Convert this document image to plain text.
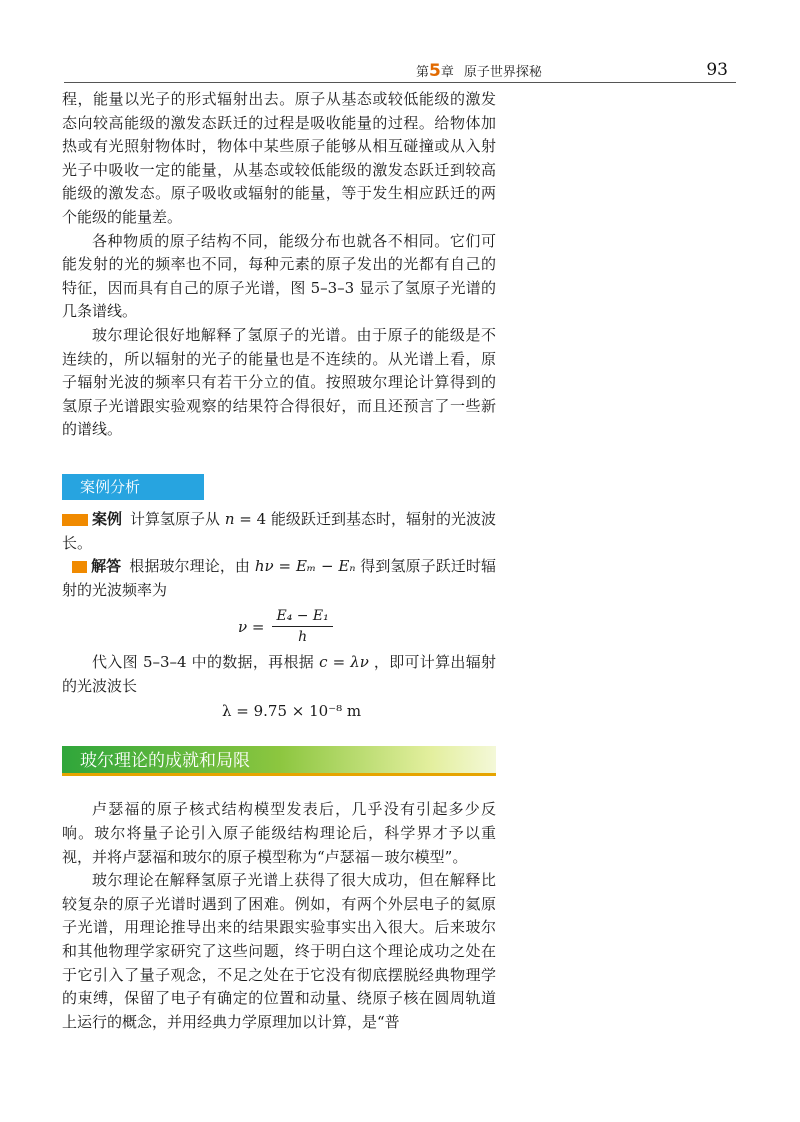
第5章 原子世界探秘	93

程，能量以光子的形式辐射出去。原子从基态或较低能级的激发态向较高能级的激发态跃迁的过程是吸收能量的过程。给物体加热或有光照射物体时，物体中某些原子能够从相互碰撞或从入射光子中吸收一定的能量，从基态或较低能级的激发态跃迁到较高能级的激发态。原子吸收或辐射的能量，等于发生相应跃迁的两个能级的能量差。

各种物质的原子结构不同，能级分布也就各不相同。它们可能发射的光的频率也不同，每种元素的原子发出的光都有自己的特征，因而具有自己的原子光谱，图 5–3–3 显示了氢原子光谱的几条谱线。

玻尔理论很好地解释了氢原子的光谱。由于原子的能级是不连续的，所以辐射的光子的能量也是不连续的。从光谱上看，原子辐射光波的频率只有若干分立的值。按照玻尔理论计算得到的氢原子光谱跟实验观察的结果符合得很好，而且还预言了一些新的谱线。

案例分析

案例 计算氢原子从 n = 4 能级跃迁到基态时，辐射的光波波长。

解答 根据玻尔理论，由 hν = Eₘ − Eₙ 得到氢原子跃迁时辐射的光波频率为

$\nu = \frac{\text{E₄ − E₁}}{h}$

代入图 5–3–4 中的数据，再根据 c = λν ，即可计算出辐射的光波波长

λ = 9.75 × 10⁻⁸ m
玻尔理论的成就和局限

卢瑟福的原子核式结构模型发表后，几乎没有引起多少反响。玻尔将量子论引入原子能级结构理论后，科学界才予以重视，并将卢瑟福和玻尔的原子模型称为“卢瑟福－玻尔模型”。

玻尔理论在解释氢原子光谱上获得了很大成功，但在解释比较复杂的原子光谱时遇到了困难。例如，有两个外层电子的氦原子光谱，用理论推导出来的结果跟实验事实出入很大。后来玻尔和其他物理学家研究了这些问题，终于明白这个理论成功之处在于它引入了量子观念，不足之处在于它没有彻底摆脱经典物理学的束缚，保留了电子有确定的位置和动量、绕原子核在圆周轨道上运行的概念，并用经典力学原理加以计算，是“普
